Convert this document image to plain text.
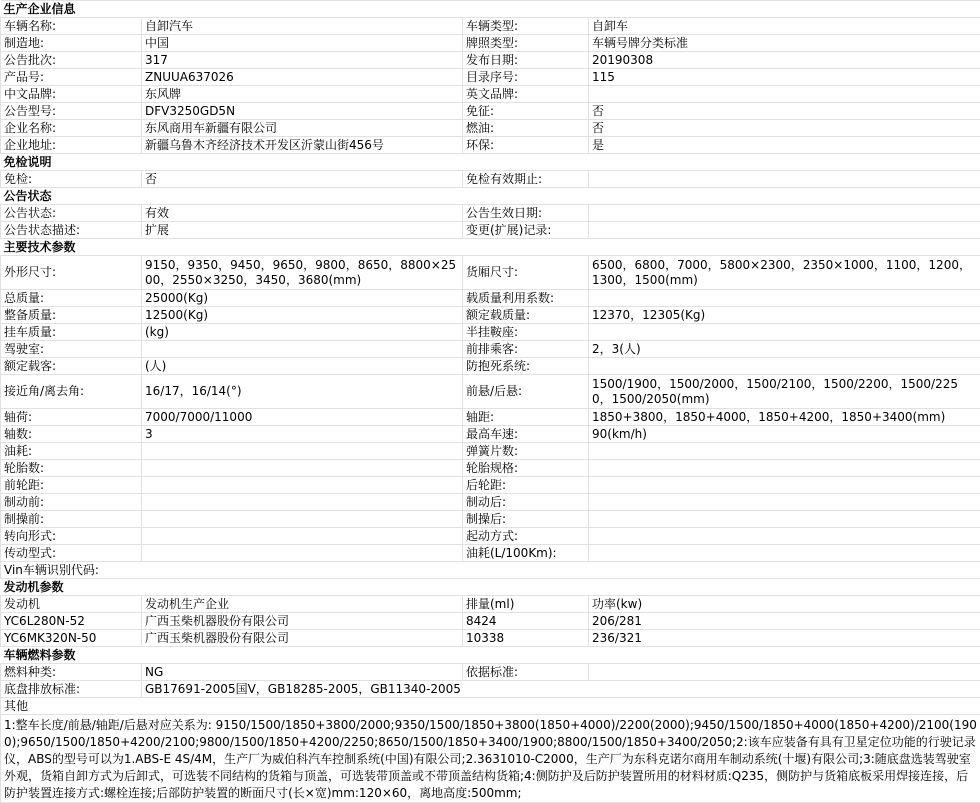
生产企业信息			
车辆名称:	自卸汽车	车辆类型:	自卸车
制造地:	中国	牌照类型:	车辆号牌分类标准
公告批次:	317	发布日期:	20190308
产品号:	ZNUUA637026	目录序号:	115
中文品牌:	东风牌	英文品牌:	
公告型号:	DFV3250GD5N	免征:	否
企业名称:	东风商用车新疆有限公司	燃油:	否
企业地址:	新疆乌鲁木齐经济技术开发区沂蒙山街456号	环保:	是
免检说明			
免检:	否	免检有效期止:	
公告状态			
公告状态:	有效	公告生效日期:	
公告状态描述:	扩展	变更(扩展)记录:	
主要技术参数			
外形尺寸:	9150，9350，9450，9650，9800，8650，8800×2500，2550×3250，3450，3680(mm)	货厢尺寸:	6500，6800，7000，5800×2300，2350×1000，1100，1200，1300，1500(mm)
总质量:	25000(Kg)	载质量利用系数:	
整备质量:	12500(Kg)	额定载质量:	12370，12305(Kg)
挂车质量:	(kg)	半挂鞍座:	
驾驶室:		前排乘客:	2，3(人)
额定载客:	(人)	防抱死系统:	
接近角/离去角:	16/17，16/14(°)	前悬/后悬:	1500/1900，1500/2000，1500/2100，1500/2200，1500/2250，1500/2050(mm)
轴荷:	7000/7000/11000	轴距:	1850+3800，1850+4000，1850+4200，1850+3400(mm)
轴数:	3	最高车速:	90(km/h)
油耗:		弹簧片数:	
轮胎数:		轮胎规格:	
前轮距:		后轮距:	
制动前:		制动后:	
制操前:		制操后:	
转向形式:		起动方式:	
传动型式:		油耗(L/100Km):	
Vin车辆识别代码:			
发动机参数			
发动机	发动机生产企业	排量(ml)	功率(kw)
YC6L280N-52	广西玉柴机器股份有限公司	8424	206/281
YC6MK320N-50	广西玉柴机器股份有限公司	10338	236/321
车辆燃料参数			
燃料种类:	NG	依据标准:	
底盘排放标准:	GB17691-2005国Ⅴ，GB18285-2005，GB11340-2005		
其他			
1:整车长度/前悬/轴距/后悬对应关系为: 9150/1500/1850+3800/2000;9350/1500/1850+3800(1850+4000)/2200(2000);9450/1500/1850+4000(1850+4200)/2100(1900);9650/1500/1850+4200/2100;9800/1500/1850+4200/2250;8650/1500/1850+3400/1900;8800/1500/1850+3400/2050;2:该车应装备有具有卫星定位功能的行驶记录仪，ABS的型号可以为1.ABS-E 4S/4M，生产厂为威伯科汽车控制系统(中国)有限公司;2.3631010-C2000，生产厂为东科克诺尔商用车制动系统(十堰)有限公司;3:随底盘选装驾驶室外观，货箱自卸方式为后卸式，可选装不同结构的货箱与顶盖，可选装带顶盖或不带顶盖结构货箱;4:侧防护及后防护装置所用的材料材质:Q235，侧防护与货箱底板采用焊接连接，后防护装置连接方式:螺栓连接;后部防护装置的断面尺寸(长×宽)mm:120×60，离地高度:500mm;			
